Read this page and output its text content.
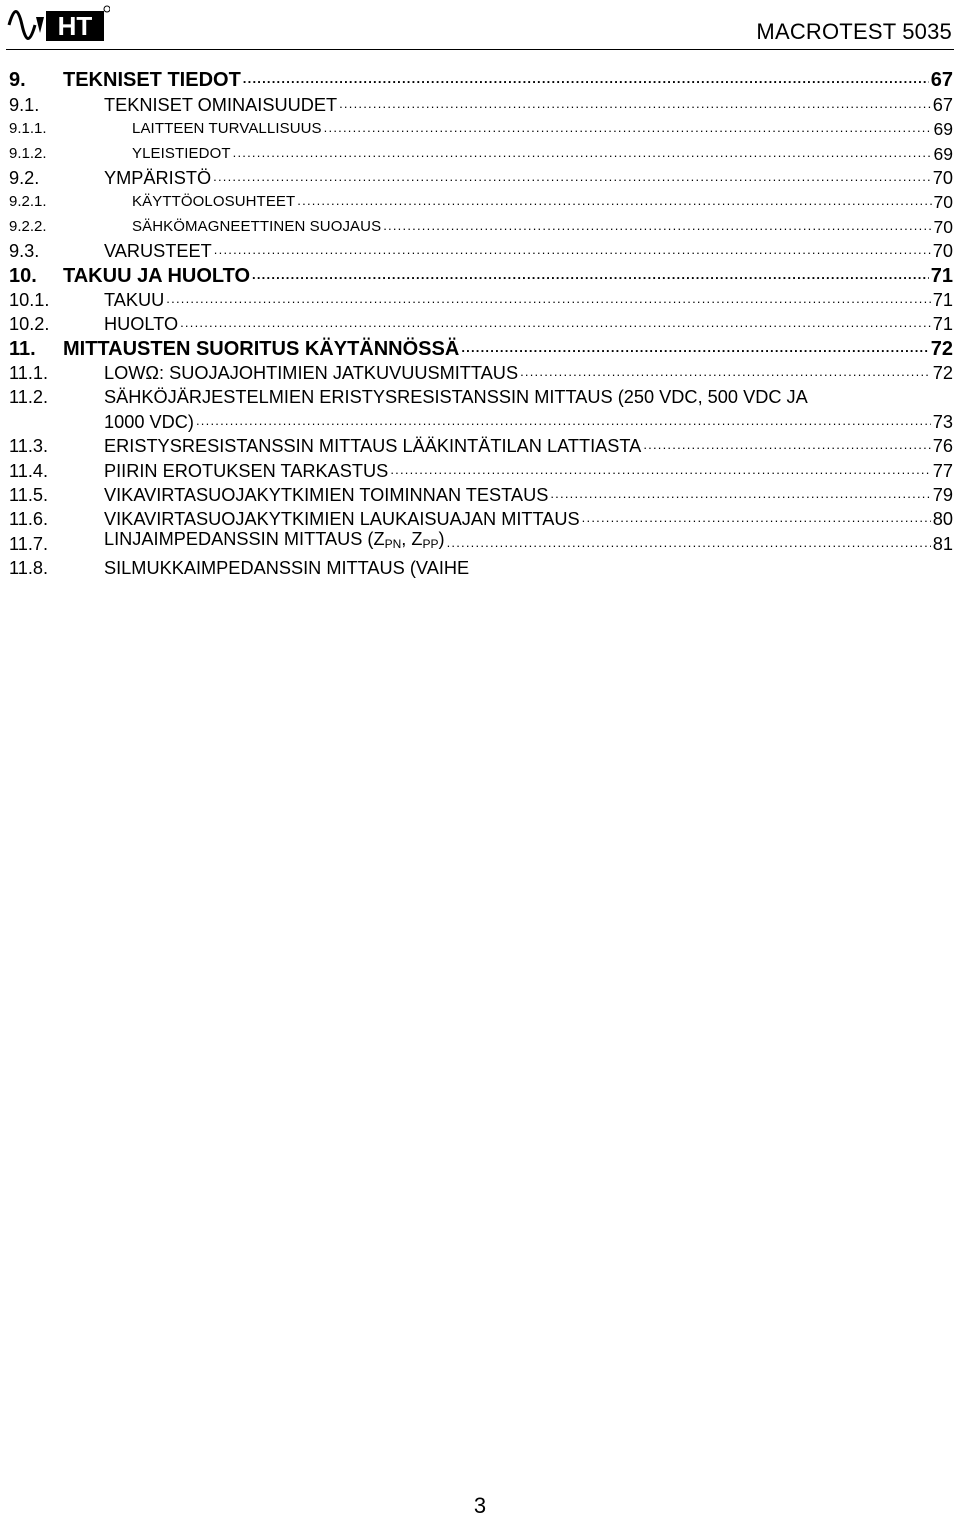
HT	MACROTEST 5035
9.	TEKNISET TIEDOT . . .	67
9.1.	TEKNISET OMINAISUUDET . . .	67
9.1.1.	LAITTEEN TURVALLISUUS . . .	69
9.1.2.	YLEISTIEDOT . . .	69
9.2.	YMPÄRISTÖ . . .	70
9.2.1.	KÄYTTÖOLOSUHTEET . . .	70
9.2.2.	SÄHKÖMAGNEETTINEN SUOJAUS . . .	70
9.3.	VARUSTEET . . .	70
10.	TAKUU JA HUOLTO . . .	71
10.1.	TAKUU . . .	71
10.2.	HUOLTO . . .	71
11.	MITTAUSTEN SUORITUS KÄYTÄNNÖSSÄ . . .	72
11.1.	LOWΩ: SUOJAJOHTIMIEN JATKUVUUSMITTAUS . . .	72
11.2.	SÄHKÖJÄRJESTELMIEN ERISTYSRESISTANSSIN MITTAUS (250 VDC, 500 VDC JA
1000 VDC) . . .	73
11.3.	ERISTYSRESISTANSSIN MITTAUS LÄÄKINTÄTILAN LATTIASTA . . .	76
11.4.	PIIRIN EROTUKSEN TARKASTUS . . .	77
11.5.	VIKAVIRTASUOJAKYTKIMIEN TOIMINNAN TESTAUS . . .	79
11.6.	VIKAVIRTASUOJAKYTKIMIEN LAUKAISUAJAN MITTAUS . . .	80
11.7.	LINJAIMPEDANSSIN MITTAUS ($Z_{PN}$, $Z_{PP}$) . . .	81
11.8.	SILMUKKAIMPEDANSSIN MITTAUS (VAIHE
3
